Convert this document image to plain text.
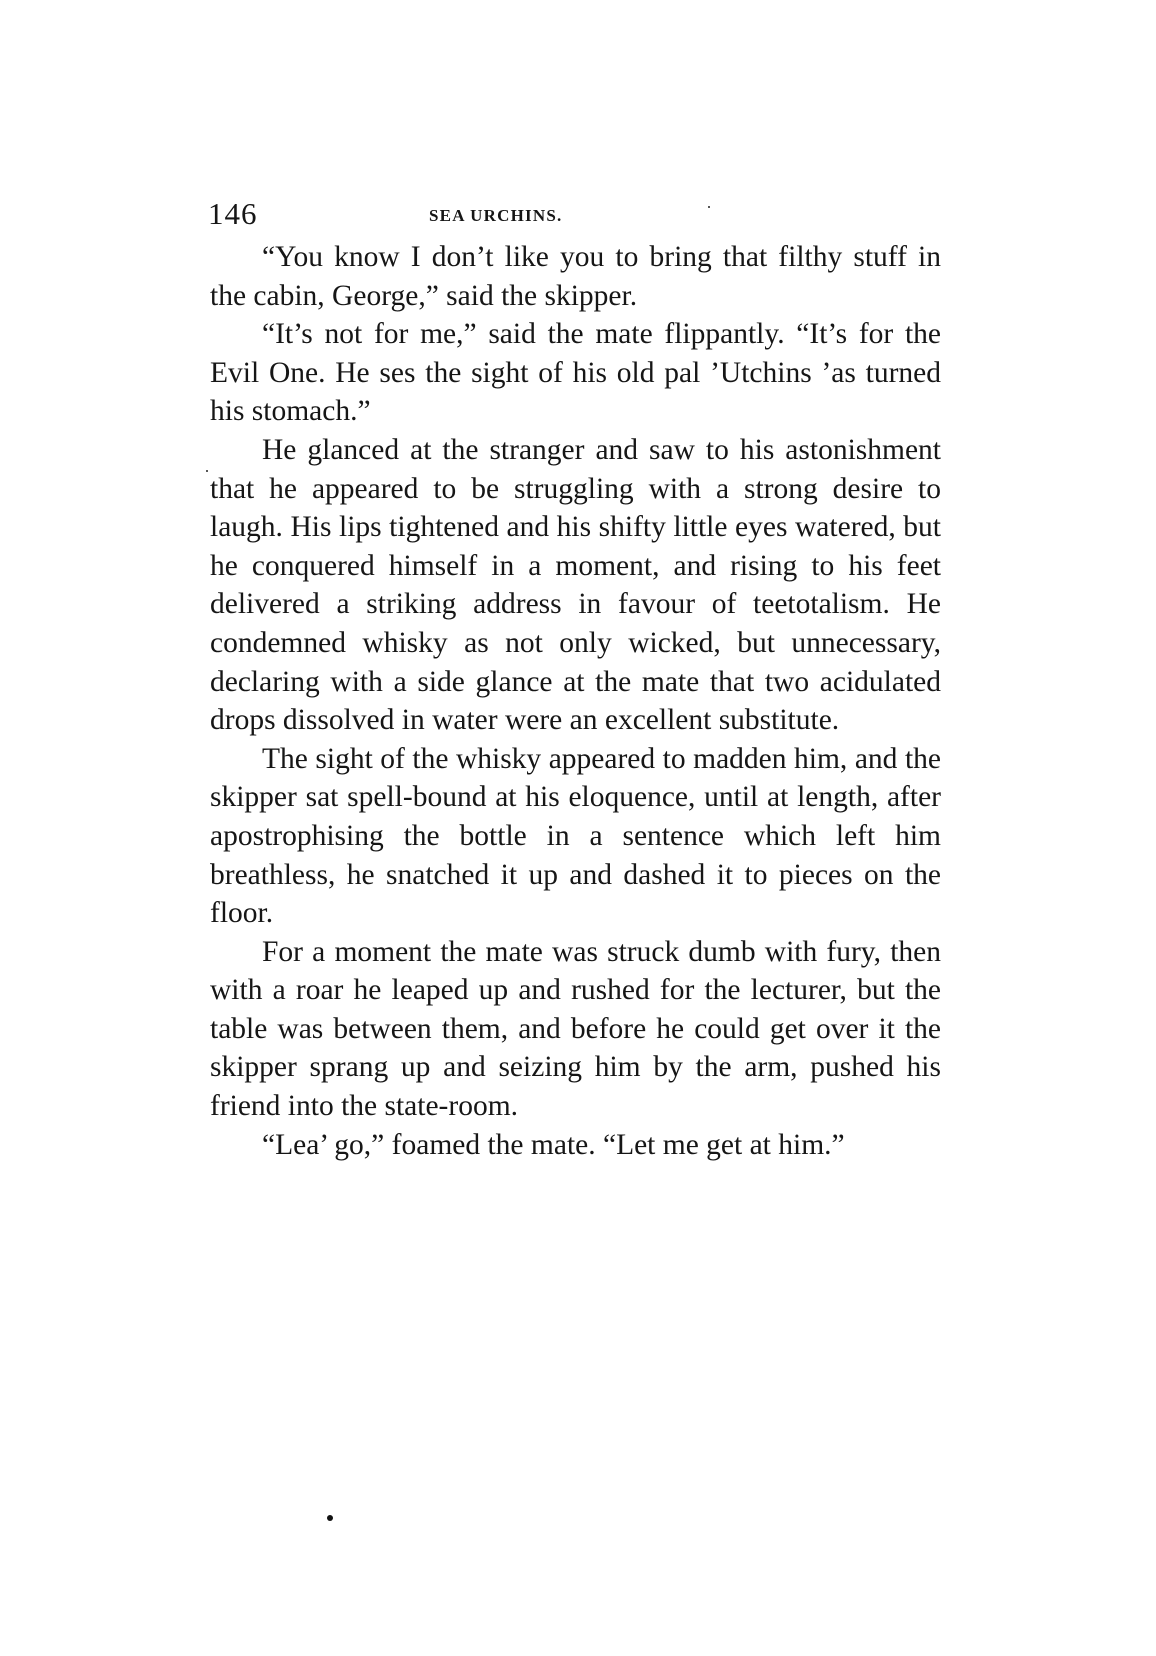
146	SEA URCHINS.

“You know I don’t like you to bring that filthy stuff in the cabin, George,” said the skipper.

“It’s not for me,” said the mate flippantly. “It’s for the Evil One. He ses the sight of his old pal ’Utchins ’as turned his stomach.”

He glanced at the stranger and saw to his astonishment that he appeared to be struggling with a strong desire to laugh. His lips tightened and his shifty little eyes watered, but he conquered himself in a moment, and rising to his feet delivered a striking address in favour of teetotalism. He condemned whisky as not only wicked, but unnecessary, declaring with a side glance at the mate that two acidulated drops dissolved in water were an excellent substitute.

The sight of the whisky appeared to madden him, and the skipper sat spell-bound at his eloquence, until at length, after apostrophising the bottle in a sentence which left him breathless, he snatched it up and dashed it to pieces on the floor.

For a moment the mate was struck dumb with fury, then with a roar he leaped up and rushed for the lecturer, but the table was between them, and before he could get over it the skipper sprang up and seizing him by the arm, pushed his friend into the state-room.

“Lea’ go,” foamed the mate. “Let me get at him.”
